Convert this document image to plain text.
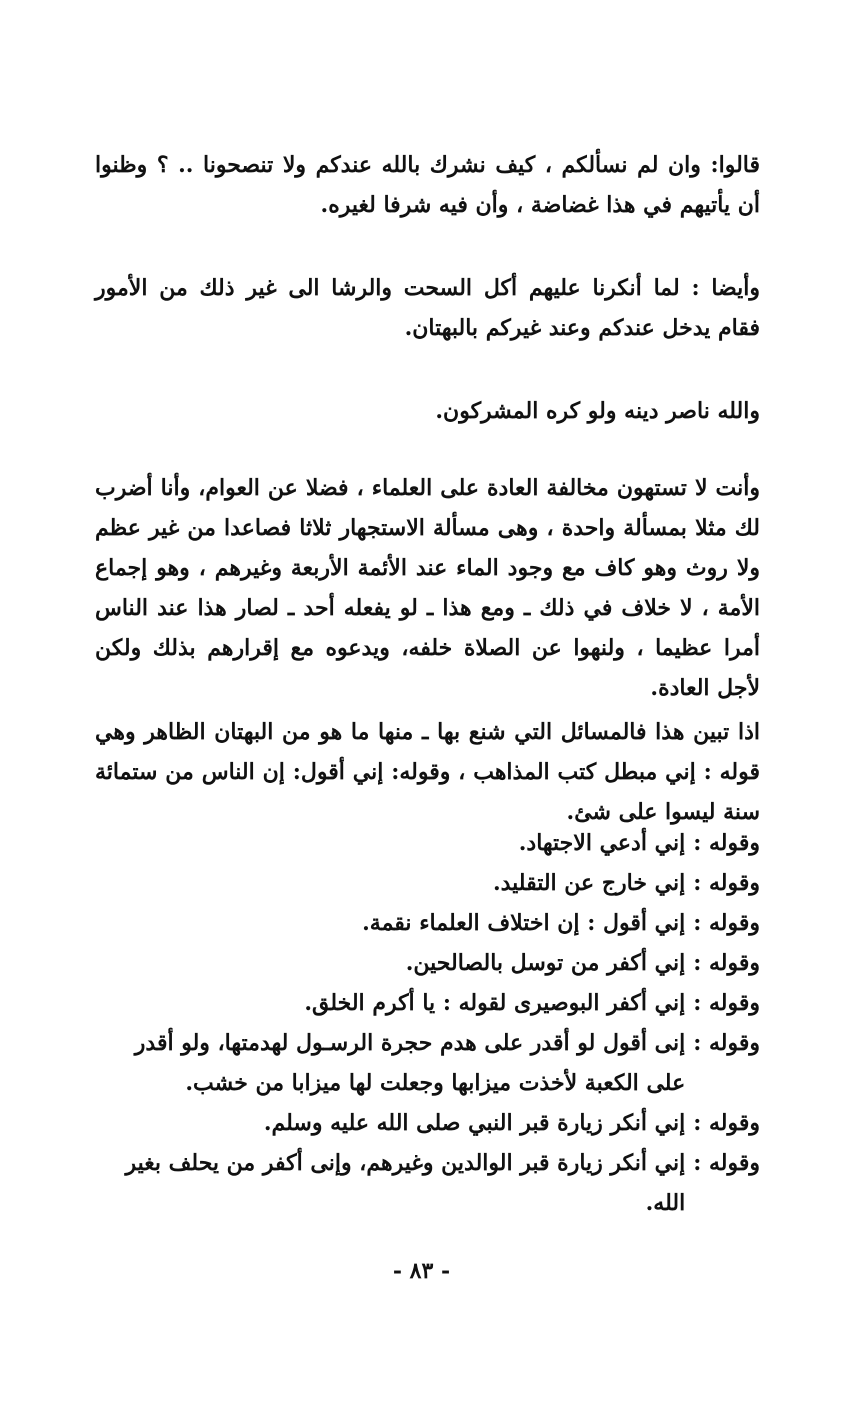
قالوا: وان لم نسألكم ، كيف نشرك بالله عندكم ولا تنصحونا .. ؟ وظنوا أن يأتيهم في هذا غضاضة ، وأن فيه شرفا لغيره.

وأيضا : لما أنكرنا عليهم أكل السحت والرشا الى غير ذلك من الأمور فقام يدخل عندكم وعند غيركم بالبهتان.

والله ناصر دينه ولو كره المشركون.

وأنت لا تستهون مخالفة العادة على العلماء ، فضلا عن العوام، وأنا أضرب لك مثلا بمسألة واحدة ، وهى مسألة الاستجهار ثلاثا فصاعدا من غير عظم ولا روث وهو كاف مع وجود الماء عند الأئمة الأربعة وغيرهم ، وهو إجماع الأمة ، لا خلاف في ذلك ـ ومع هذا ـ لو يفعله أحد ـ لصار هذا عند الناس أمرا عظيما ، ولنهوا عن الصلاة خلفه، ويدعوه مع إقرارهم بذلك ولكن لأجل العادة.

اذا تبين هذا فالمسائل التي شنع بها ـ منها ما هو من البهتان الظاهر وهي قوله : إني مبطل كتب المذاهب ، وقوله: إني أقول: إن الناس من ستمائة سنة ليسوا على شئ.

وقوله :
إني أدعي الاجتهاد.
وقوله :
إني خارج عن التقليد.
وقوله :
إني أقول : إن اختلاف العلماء نقمة.
وقوله :
إني أكفر من توسل بالصالحين.
وقوله :
إني أكفر البوصيرى لقوله : يا أكرم الخلق.
وقوله :
إنى أقول لو أقدر على هدم حجرة الرسـول لهدمتها، ولو أقدر على الكعبة لأخذت ميزابها وجعلت لها ميزابا من خشب.
وقوله :
إني أنكر زيارة قبر النبي صلى الله عليه وسلم.
وقوله :
إني أنكر زيارة قبر الوالدين وغيرهم، وإنى أكفر من يحلف بغير الله.
- ٨٣ -
